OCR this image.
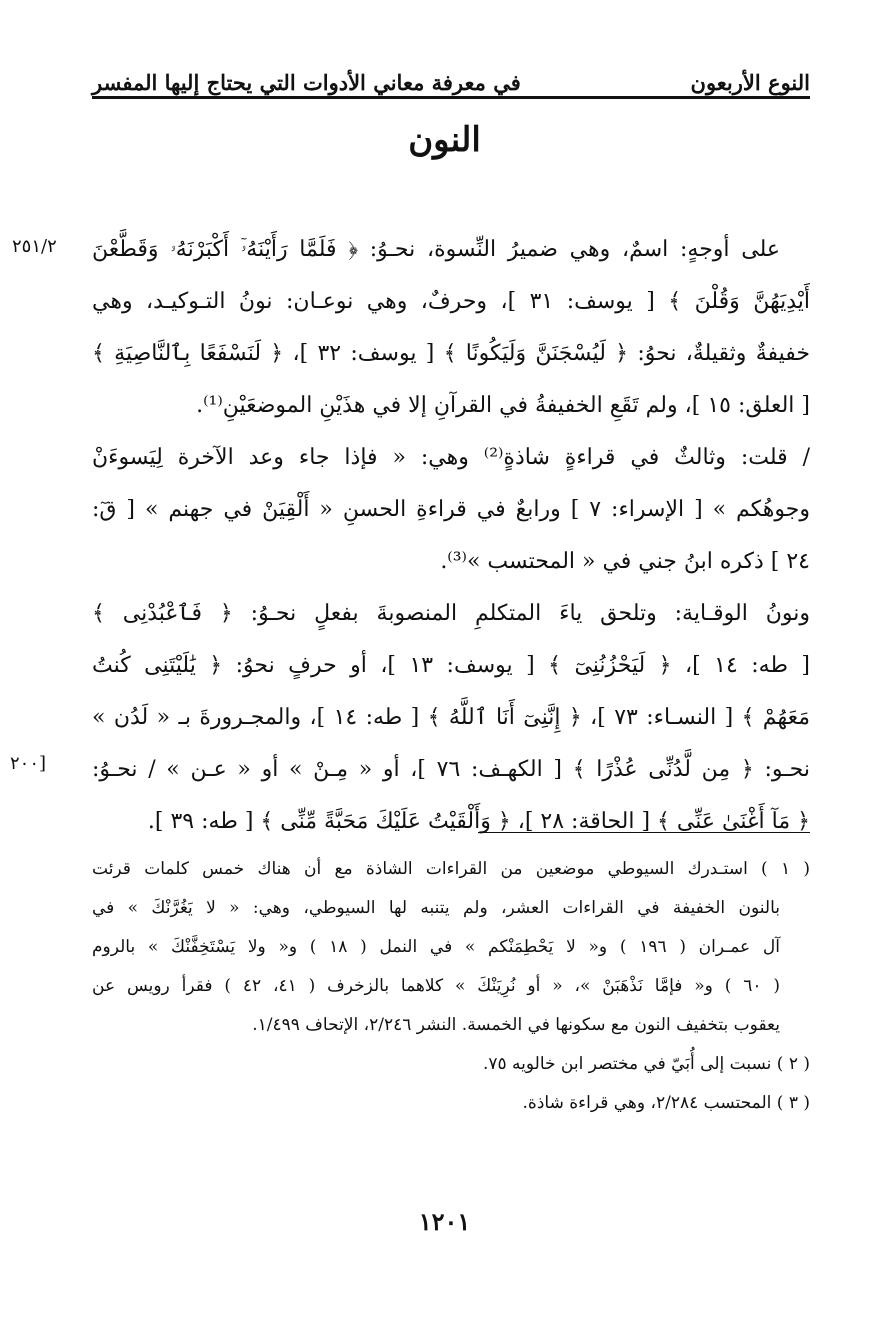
النوع الأربعون
في معرفة معاني الأدوات التي يحتاج إليها المفسر
النون
على أوجهٍ: اسمٌ، وهي ضميرُ النِّسوة، نحـوُ: ﴿ فَلَمَّا رَأَيْنَهُۥٓ أَكْبَرْنَهُۥ وَقَطَّعْنَ
أَيْدِيَهُنَّ وَقُلْنَ ﴾ [ يوسف: ٣١ ]، وحرفٌ، وهي نوعـان: نونُ التـوكيـد، وهي
خفيفةٌ وثقيلةٌ، نحوُ: ﴿ لَيُسْجَنَنَّ وَلَيَكُونًا ﴾ [ يوسف: ٣٢ ]، ﴿ لَنَسْفَعًا بِٱلنَّاصِيَةِ ﴾
[ العلق: ١٥ ]، ولم تَقَعِ الخفيفةُ في القرآنِ إلا في هذَيْنِ الموضعَيْنِ⁽¹⁾.
/ قلت: وثالثٌ في قراءةٍ شاذةٍ⁽²⁾ وهي: « فإذا جاء وعد الآخرة لِيَسوءَنْ
وجوهُكم » [ الإسراء: ٧ ] ورابعٌ في قراءةِ الحسنِ « أَلْقِيَنْ في جهنم » [ قٓ:
٢٤ ] ذكره ابنُ جني في « المحتسب »⁽³⁾.
ونونُ الوقـاية: وتلحق ياءَ المتكلمِ المنصوبةَ بفعلٍ نحـوُ: ﴿ فَٱعْبُدْنِى ﴾
[ طه: ١٤ ]، ﴿ لَيَحْزُنُنِىٓ ﴾ [ يوسف: ١٣ ]، أو حرفٍ نحوُ: ﴿ يَٰلَيْتَنِى كُنتُ
مَعَهُمْ ﴾ [ النسـاء: ٧٣ ]، ﴿ إِنَّنِىٓ أَنَا ٱللَّهُ ﴾ [ طه: ١٤ ]، والمجـرورةَ بـ « لَدُن »
نحـو: ﴿ مِن لَّدُنِّى عُذْرًا ﴾ [ الكهـف: ٧٦ ]، أو « مِـنْ » أو « عـن » / نحـوُ:
﴿ مَآ أَغْنَىٰ عَنِّى ﴾ [ الحاقة: ٢٨ ]، ﴿ وَأَلْقَيْتُ عَلَيْكَ مَحَبَّةً مِّنِّى ﴾ [ طه: ٣٩ ].
٢٥١/٢
[٢٠٠
( ١ ) استـدرك السيوطي موضعين من القراءات الشاذة مع أن هناك خمس كلمات قرئت
بالنون الخفيفة في القراءات العشر، ولم يتنبه لها السيوطي، وهي: « لا يَغُرَّنْكَ » في
آل عمـران ( ١٩٦ ) و« لا يَحْطِمَنْكم » في النمل ( ١٨ ) و« ولا يَسْتَخِفَّنْكَ » بالروم
( ٦٠ ) و« فإمَّا نَذْهَبَنْ »، « أو نُرِيَنْكَ » كلاهما بالزخرف ( ٤١، ٤٢ ) فقرأ رويس عن
يعقوب بتخفيف النون مع سكونها في الخمسة. النشر ٢/٢٤٦، الإتحاف ١/٤٩٩.
( ٢ ) نسبت إلى أُبَيّ في مختصر ابن خالويه ٧٥.
( ٣ ) المحتسب ٢/٢٨٤، وهي قراءة شاذة.
١٢٠١
